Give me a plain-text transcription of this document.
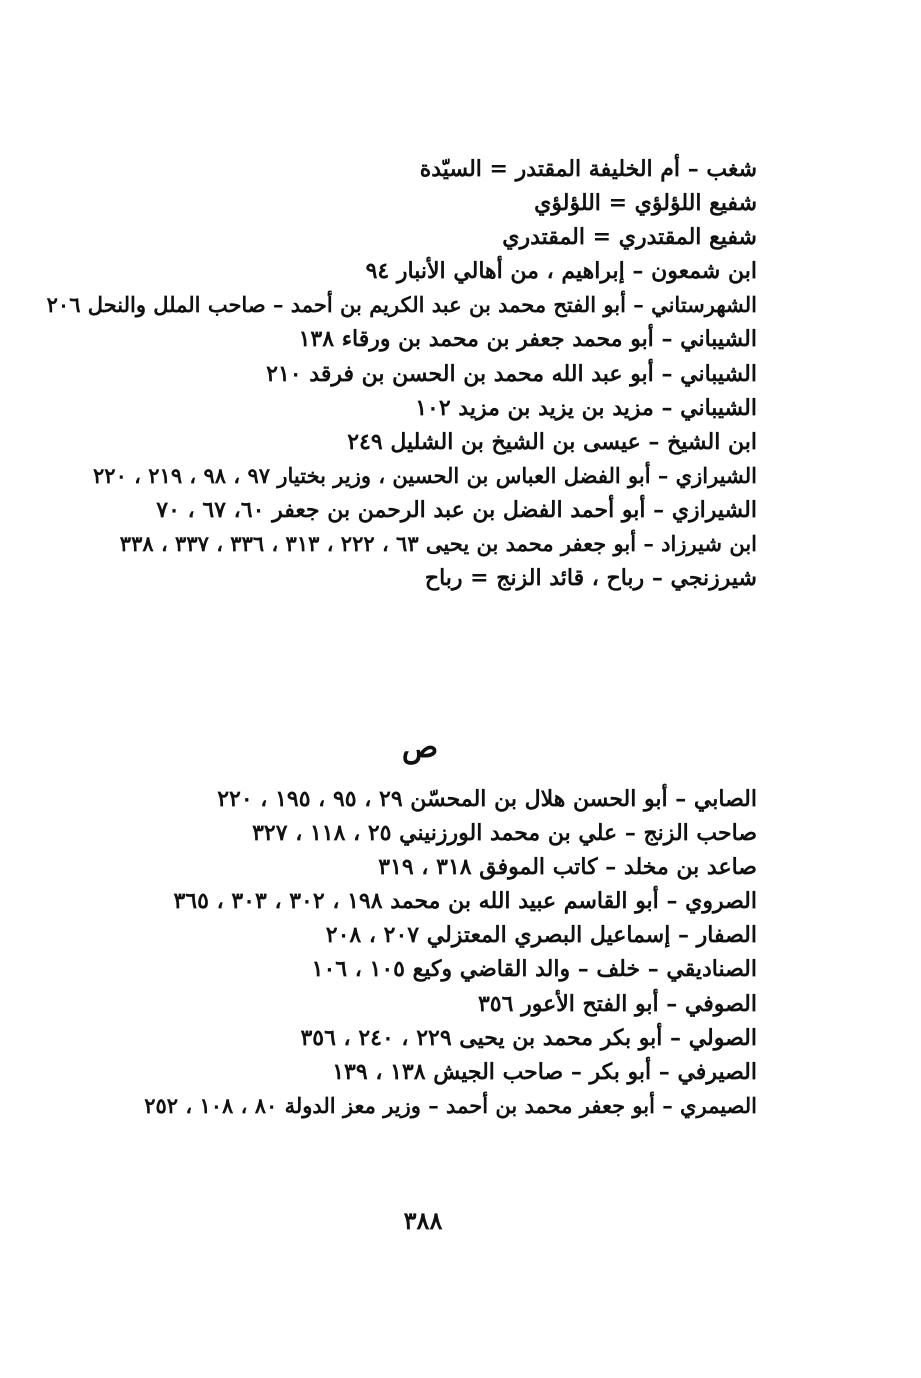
شغب – أم الخليفة المقتدر = السيّدة
شفيع اللؤلؤي = اللؤلؤي
شفيع المقتدري = المقتدري
ابن شمعون – إبراهيم ، من أهالي الأنبار ٩٤
الشهرستاني – أبو الفتح محمد بن عبد الكريم بن أحمد – صاحب الملل والنحل ٢٠٦
الشيباني – أبو محمد جعفر بن محمد بن ورقاء ١٣٨
الشيباني – أبو عبد الله محمد بن الحسن بن فرقد ٢١٠
الشيباني – مزيد بن يزيد بن مزيد ١٠٢
ابن الشيخ – عيسى بن الشيخ بن الشليل ٢٤٩
الشيرازي – أبو الفضل العباس بن الحسين ، وزير بختيار ٩٧ ، ٩٨ ، ٢١٩ ، ٢٢٠
الشيرازي – أبو أحمد الفضل بن عبد الرحمن بن جعفر ٦٠، ٦٧ ، ٧٠
ابن شيرزاد – أبو جعفر محمد بن يحيى ٦٣ ، ٢٢٢ ، ٣١٣ ، ٣٣٦ ، ٣٣٧ ، ٣٣٨
شيرزنجي – رباح ، قائد الزنج = رباح
ص
الصابي – أبو الحسن هلال بن المحسّن ٢٩ ، ٩٥ ، ١٩٥ ، ٢٢٠
صاحب الزنج – علي بن محمد الورزنيني ٢٥ ، ١١٨ ، ٣٢٧
صاعد بن مخلد – كاتب الموفق ٣١٨ ، ٣١٩
الصروي – أبو القاسم عبيد الله بن محمد ١٩٨ ، ٣٠٢ ، ٣٠٣ ، ٣٦٥
الصفار – إسماعيل البصري المعتزلي ٢٠٧ ، ٢٠٨
الصناديقي – خلف – والد القاضي وكيع ١٠٥ ، ١٠٦
الصوفي – أبو الفتح الأعور ٣٥٦
الصولي – أبو بكر محمد بن يحيى ٢٢٩ ، ٢٤٠ ، ٣٥٦
الصيرفي – أبو بكر – صاحب الجيش ١٣٨ ، ١٣٩
الصيمري – أبو جعفر محمد بن أحمد – وزير معز الدولة ٨٠ ، ١٠٨ ، ٢٥٢
٣٨٨
